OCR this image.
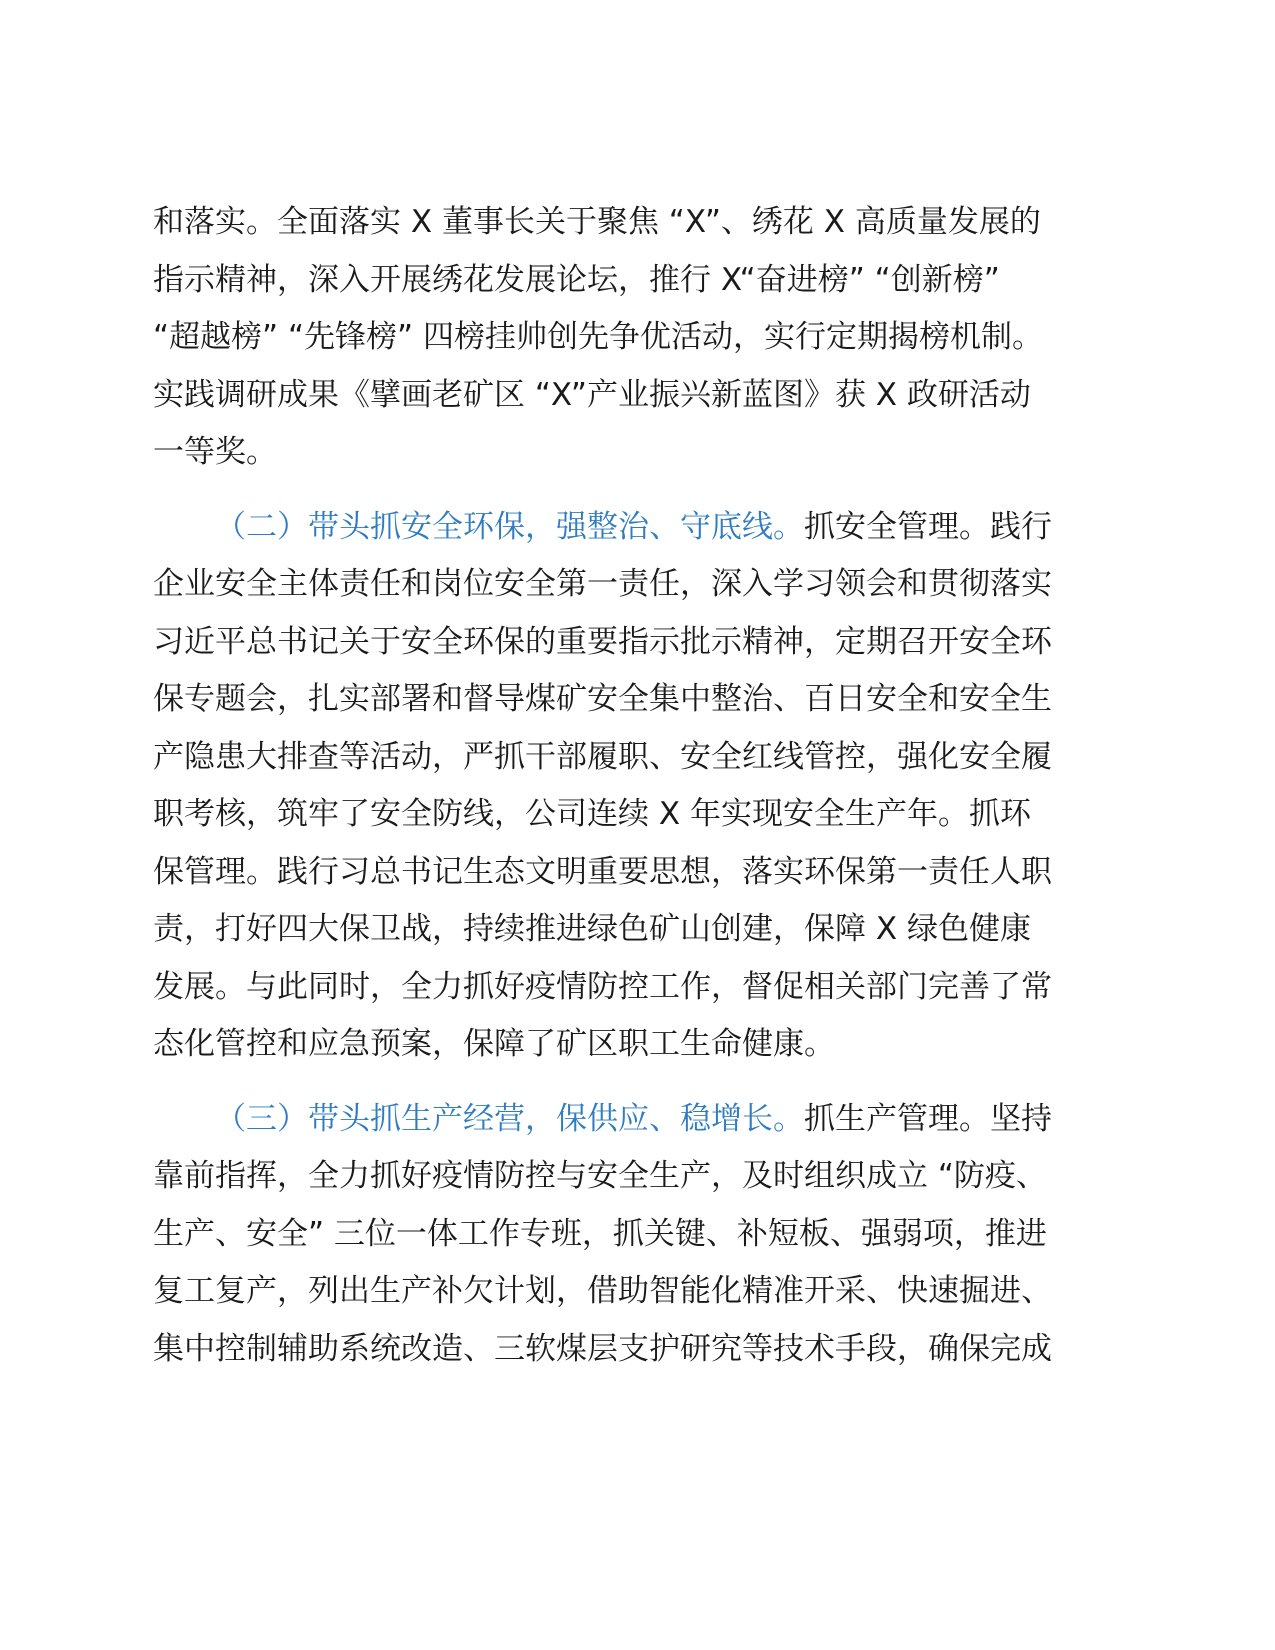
和落实。全面落实 X 董事长关于聚焦 “X”、绣花 X 高质量发展的
指示精神，深入开展绣花发展论坛，推行 X“奋进榜” “创新榜”
“超越榜” “先锋榜” 四榜挂帅创先争优活动，实行定期揭榜机制。
实践调研成果《擘画老矿区 “X”产业振兴新蓝图》获 X 政研活动
一等奖。
（二）带头抓安全环保，强整治、守底线。抓安全管理。践行
企业安全主体责任和岗位安全第一责任，深入学习领会和贯彻落实
习近平总书记关于安全环保的重要指示批示精神，定期召开安全环
保专题会，扎实部署和督导煤矿安全集中整治、百日安全和安全生
产隐患大排查等活动，严抓干部履职、安全红线管控，强化安全履
职考核，筑牢了安全防线，公司连续 X 年实现安全生产年。抓环
保管理。践行习总书记生态文明重要思想，落实环保第一责任人职
责，打好四大保卫战，持续推进绿色矿山创建，保障 X 绿色健康
发展。与此同时，全力抓好疫情防控工作，督促相关部门完善了常
态化管控和应急预案，保障了矿区职工生命健康。
（三）带头抓生产经营，保供应、稳增长。抓生产管理。坚持
靠前指挥，全力抓好疫情防控与安全生产，及时组织成立 “防疫、
生产、安全” 三位一体工作专班，抓关键、补短板、强弱项，推进
复工复产，列出生产补欠计划，借助智能化精准开采、快速掘进、
集中控制辅助系统改造、三软煤层支护研究等技术手段，确保完成
